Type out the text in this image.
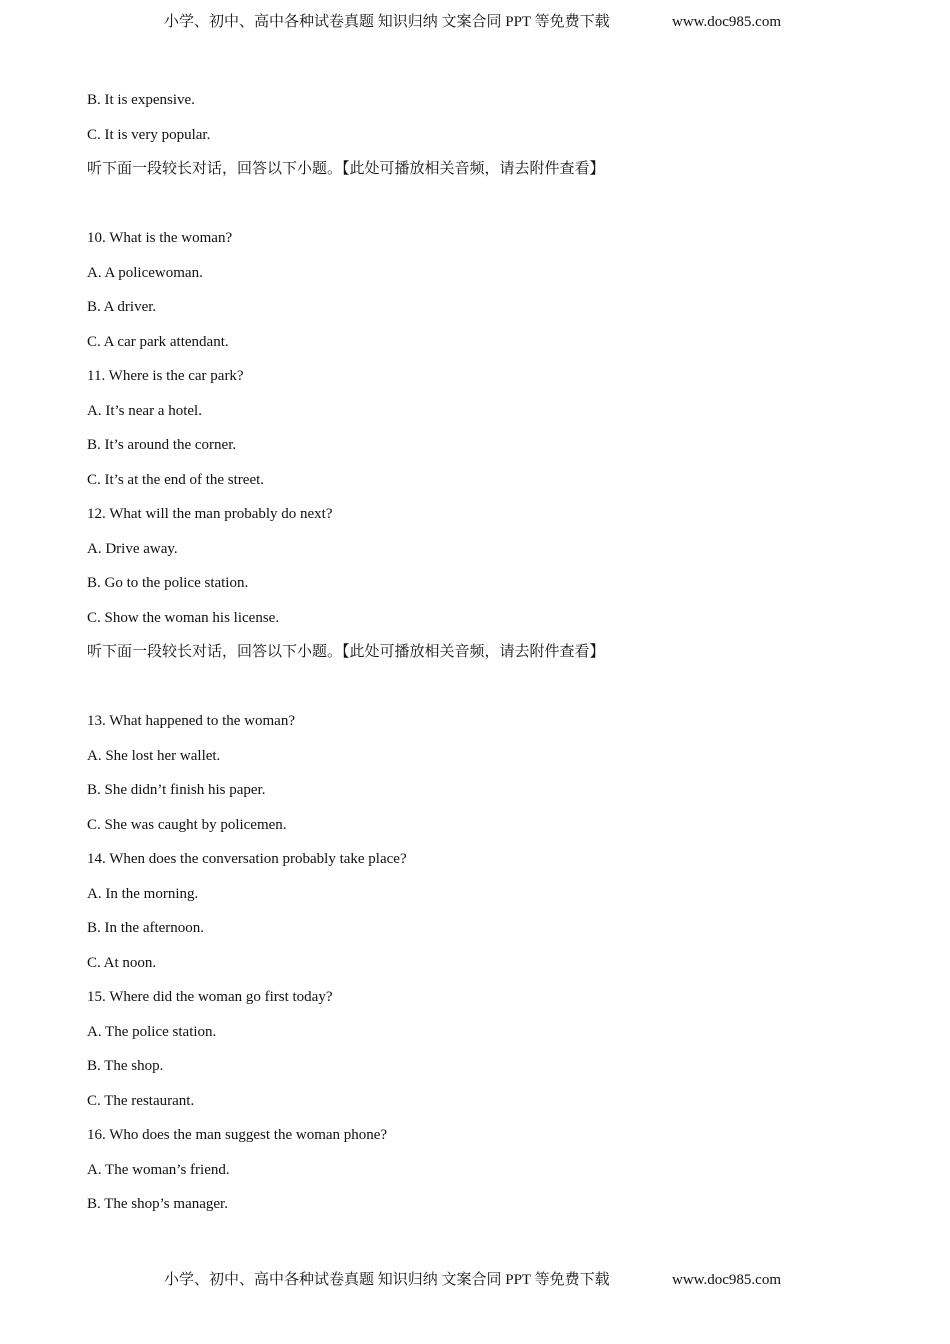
小学、初中、高中各种试卷真题 知识归纳 文案合同 PPT 等免费下载	www.doc985.com
B. It is expensive.
C. It is very popular.
听下面一段较长对话，回答以下小题。【此处可播放相关音频，请去附件查看】
10. What is the woman?
A. A policewoman.
B. A driver.
C. A car park attendant.
11. Where is the car park?
A. It’s near a hotel.
B. It’s around the corner.
C. It’s at the end of the street.
12. What will the man probably do next?
A. Drive away.
B. Go to the police station.
C. Show the woman his license.
听下面一段较长对话，回答以下小题。【此处可播放相关音频，请去附件查看】
13. What happened to the woman?
A. She lost her wallet.
B. She didn’t finish his paper.
C. She was caught by policemen.
14. When does the conversation probably take place?
A. In the morning.
B. In the afternoon.
C. At noon.
15. Where did the woman go first today?
A. The police station.
B. The shop.
C. The restaurant.
16. Who does the man suggest the woman phone?
A. The woman’s friend.
B. The shop’s manager.
小学、初中、高中各种试卷真题 知识归纳 文案合同 PPT 等免费下载	www.doc985.com
